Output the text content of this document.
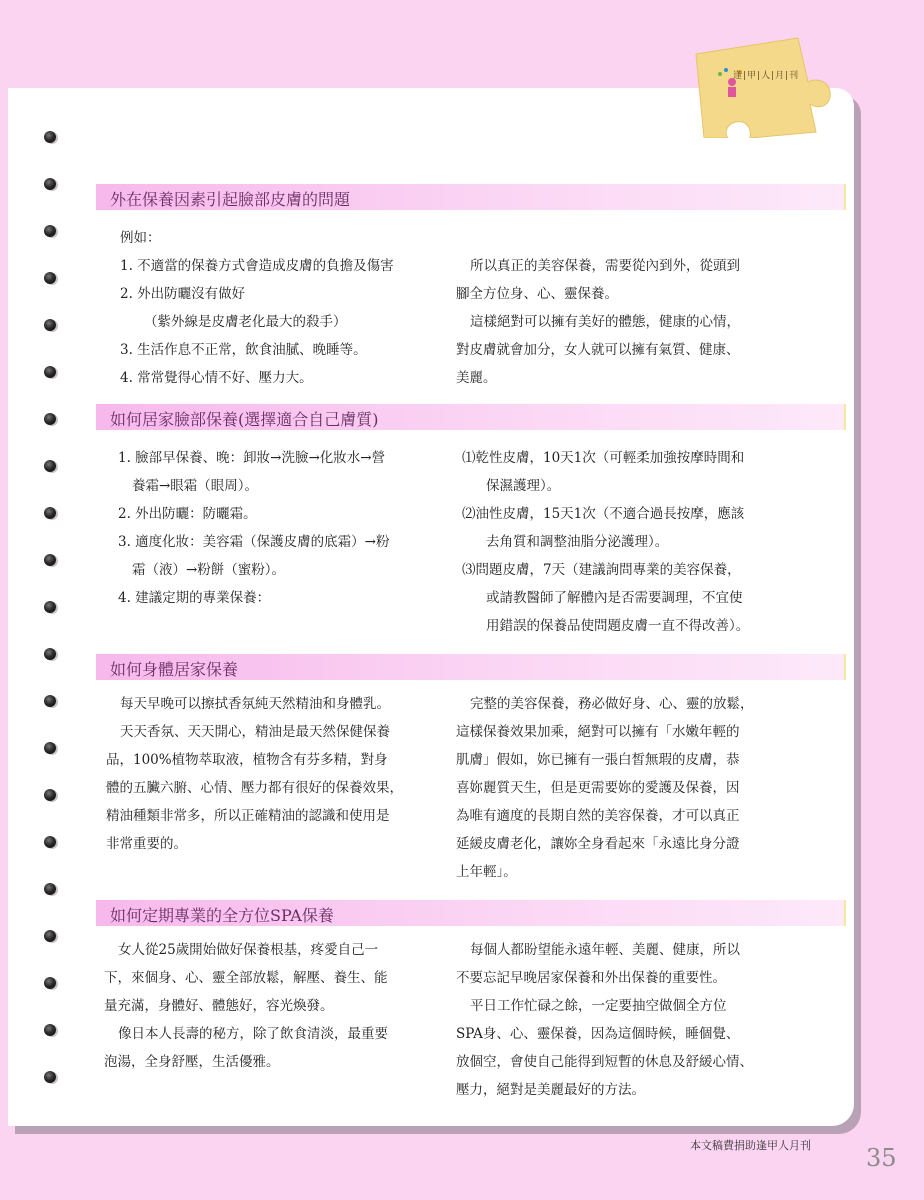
逢|甲|人|月|刊
外在保養因素引起臉部皮膚的問題

例如：

1. 不適當的保養方式會造成皮膚的負擔及傷害

2. 外出防曬沒有做好

（紫外線是皮膚老化最大的殺手）

3. 生活作息不正常，飲食油膩、晚睡等。

4. 常常覺得心情不好、壓力大。

所以真正的美容保養，需要從內到外，從頭到

腳全方位身、心、靈保養。

這樣絕對可以擁有美好的體態，健康的心情，

對皮膚就會加分，女人就可以擁有氣質、健康、

美麗。

如何居家臉部保養(選擇適合自己膚質)

1. 臉部早保養、晚：卸妝→洗臉→化妝水→營

養霜→眼霜（眼周）。

2. 外出防曬：防曬霜。

3. 適度化妝：美容霜（保護皮膚的底霜）→粉

霜（液）→粉餅（蜜粉）。

4. 建議定期的專業保養：

⑴乾性皮膚，10天1次（可輕柔加強按摩時間和

保濕護理）。

⑵油性皮膚，15天1次（不適合過長按摩，應該

去角質和調整油脂分泌護理）。

⑶問題皮膚，7天（建議詢問專業的美容保養，

或請教醫師了解體內是否需要調理，不宜使

用錯誤的保養品使問題皮膚一直不得改善）。

如何身體居家保養

每天早晚可以擦拭香氛純天然精油和身體乳。

天天香氛、天天開心，精油是最天然保健保養

品，100%植物萃取液，植物含有芬多精，對身

體的五臟六腑、心情、壓力都有很好的保養效果，

精油種類非常多，所以正確精油的認識和使用是

非常重要的。

完整的美容保養，務必做好身、心、靈的放鬆，

這樣保養效果加乘，絕對可以擁有「水嫩年輕的

肌膚」假如，妳已擁有一張白皙無瑕的皮膚，恭

喜妳麗質天生，但是更需要妳的愛護及保養，因

為唯有適度的長期自然的美容保養，才可以真正

延緩皮膚老化，讓妳全身看起來「永遠比身分證

上年輕」。

如何定期專業的全方位SPA保養

女人從25歲開始做好保養根基，疼愛自己一

下，來個身、心、靈全部放鬆，解壓、養生、能

量充滿，身體好、體態好，容光煥發。

像日本人長壽的秘方，除了飲食清淡，最重要

泡湯，全身舒壓，生活優雅。

每個人都盼望能永遠年輕、美麗、健康，所以

不要忘記早晚居家保養和外出保養的重要性。

平日工作忙碌之餘，一定要抽空做個全方位

SPA身、心、靈保養，因為這個時候，睡個覺、

放個空，會使自己能得到短暫的休息及舒緩心情、

壓力，絕對是美麗最好的方法。

本文稿費捐助逢甲人月刊 35
